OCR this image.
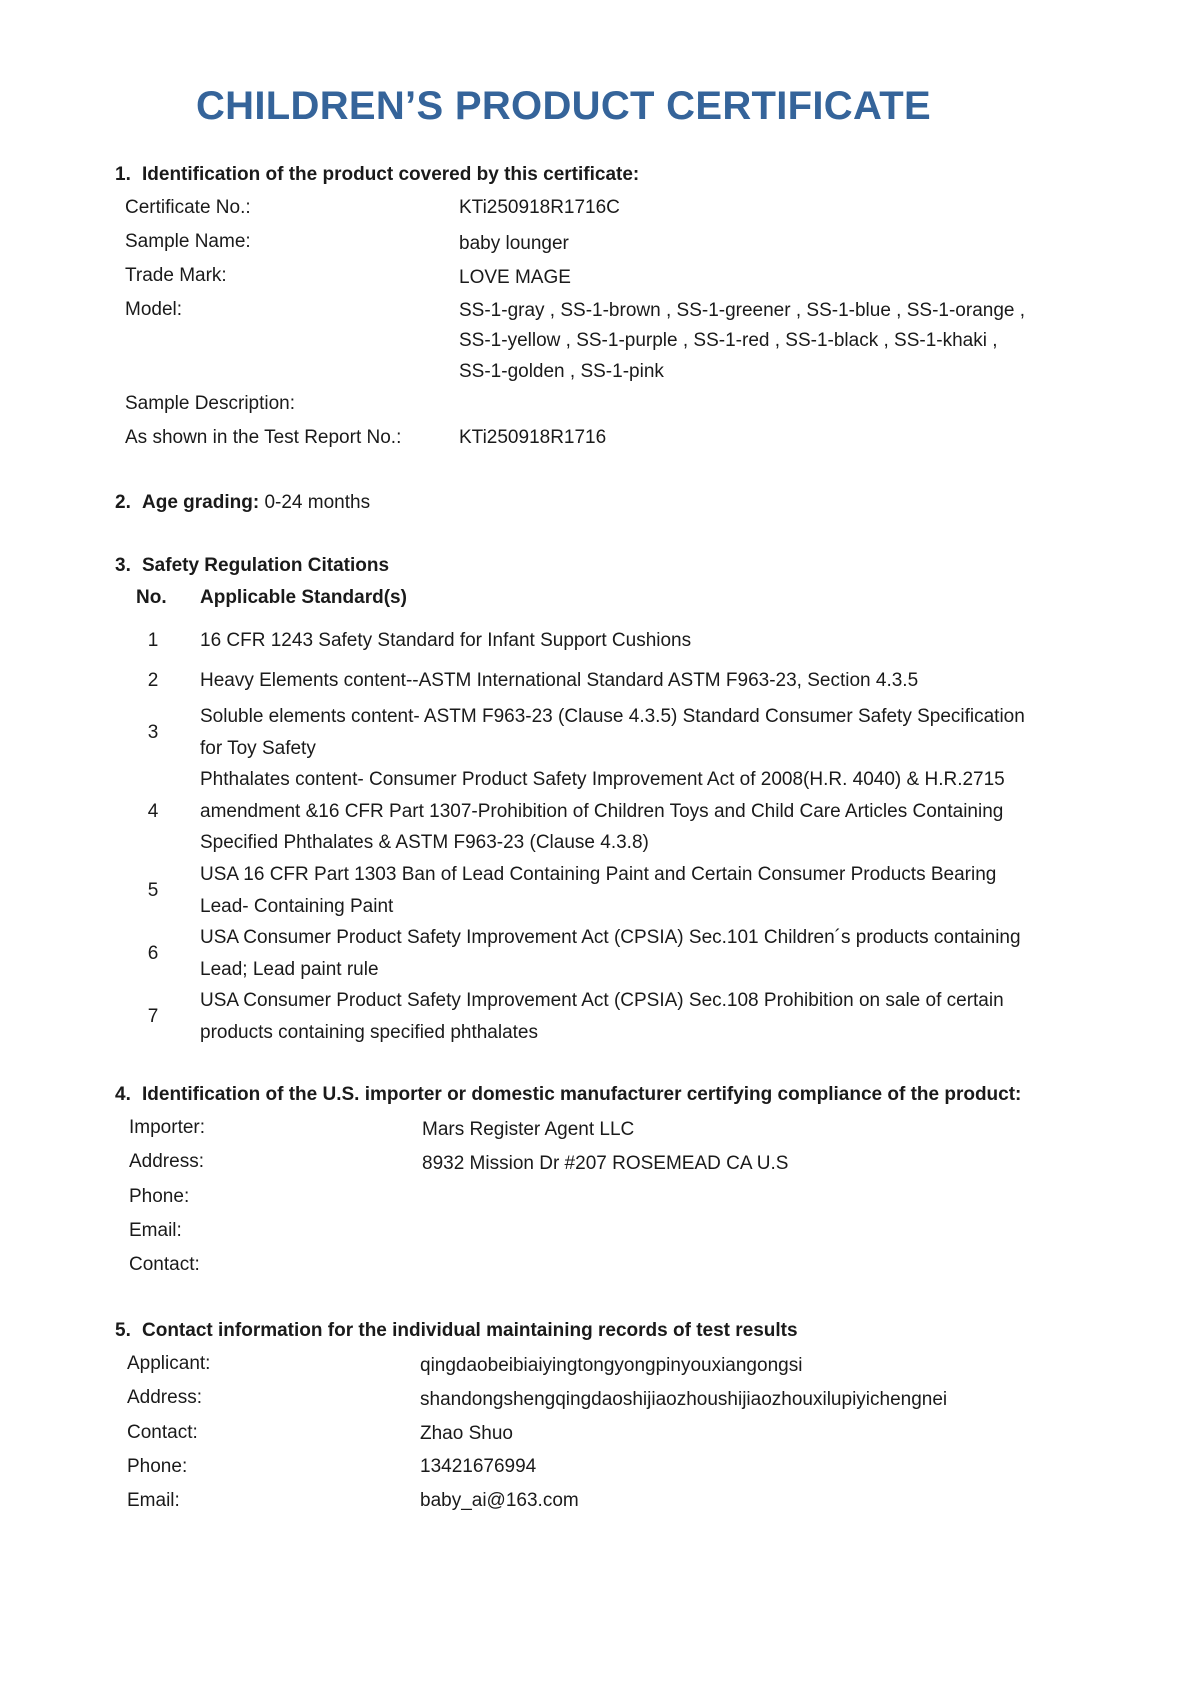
CHILDREN’S PRODUCT CERTIFICATE
1. Identification of the product covered by this certificate:
Certificate No.:	KTi250918R1716C
Sample Name:	baby lounger
Trade Mark:	LOVE MAGE
Model:	SS-1-gray , SS-1-brown , SS-1-greener , SS-1-blue , SS-1-orange ,
SS-1-yellow , SS-1-purple , SS-1-red , SS-1-black , SS-1-khaki ,
SS-1-golden , SS-1-pink
Sample Description:
As shown in the Test Report No.:	KTi250918R1716
2. Age grading: 0-24 months
3. Safety Regulation Citations
No. Applicable Standard(s)
1	16 CFR 1243 Safety Standard for Infant Support Cushions
2	Heavy Elements content--ASTM International Standard ASTM F963-23, Section 4.3.5
3
Soluble elements content- ASTM F963-23 (Clause 4.3.5) Standard Consumer Safety Specification
for Toy Safety
4
Phthalates content- Consumer Product Safety Improvement Act of 2008(H.R. 4040) & H.R.2715
amendment &16 CFR Part 1307-Prohibition of Children Toys and Child Care Articles Containing
Specified Phthalates & ASTM F963-23 (Clause 4.3.8)
5
USA 16 CFR Part 1303 Ban of Lead Containing Paint and Certain Consumer Products Bearing
Lead- Containing Paint
6
USA Consumer Product Safety Improvement Act (CPSIA) Sec.101 Children´s products containing
Lead; Lead paint rule
7
USA Consumer Product Safety Improvement Act (CPSIA) Sec.108 Prohibition on sale of certain
products containing specified phthalates
4. Identification of the U.S. importer or domestic manufacturer certifying compliance of the product:
Importer:	Mars Register Agent LLC
Address:	8932 Mission Dr #207 ROSEMEAD CA U.S
Phone:
Email:
Contact:
5. Contact information for the individual maintaining records of test results
Applicant:	qingdaobeibiaiyingtongyongpinyouxiangongsi
Address:	shandongshengqingdaoshijiaozhoushijiaozhouxilupiyichengnei
Contact:	Zhao Shuo
Phone:	13421676994
Email:	baby_ai@163.com
